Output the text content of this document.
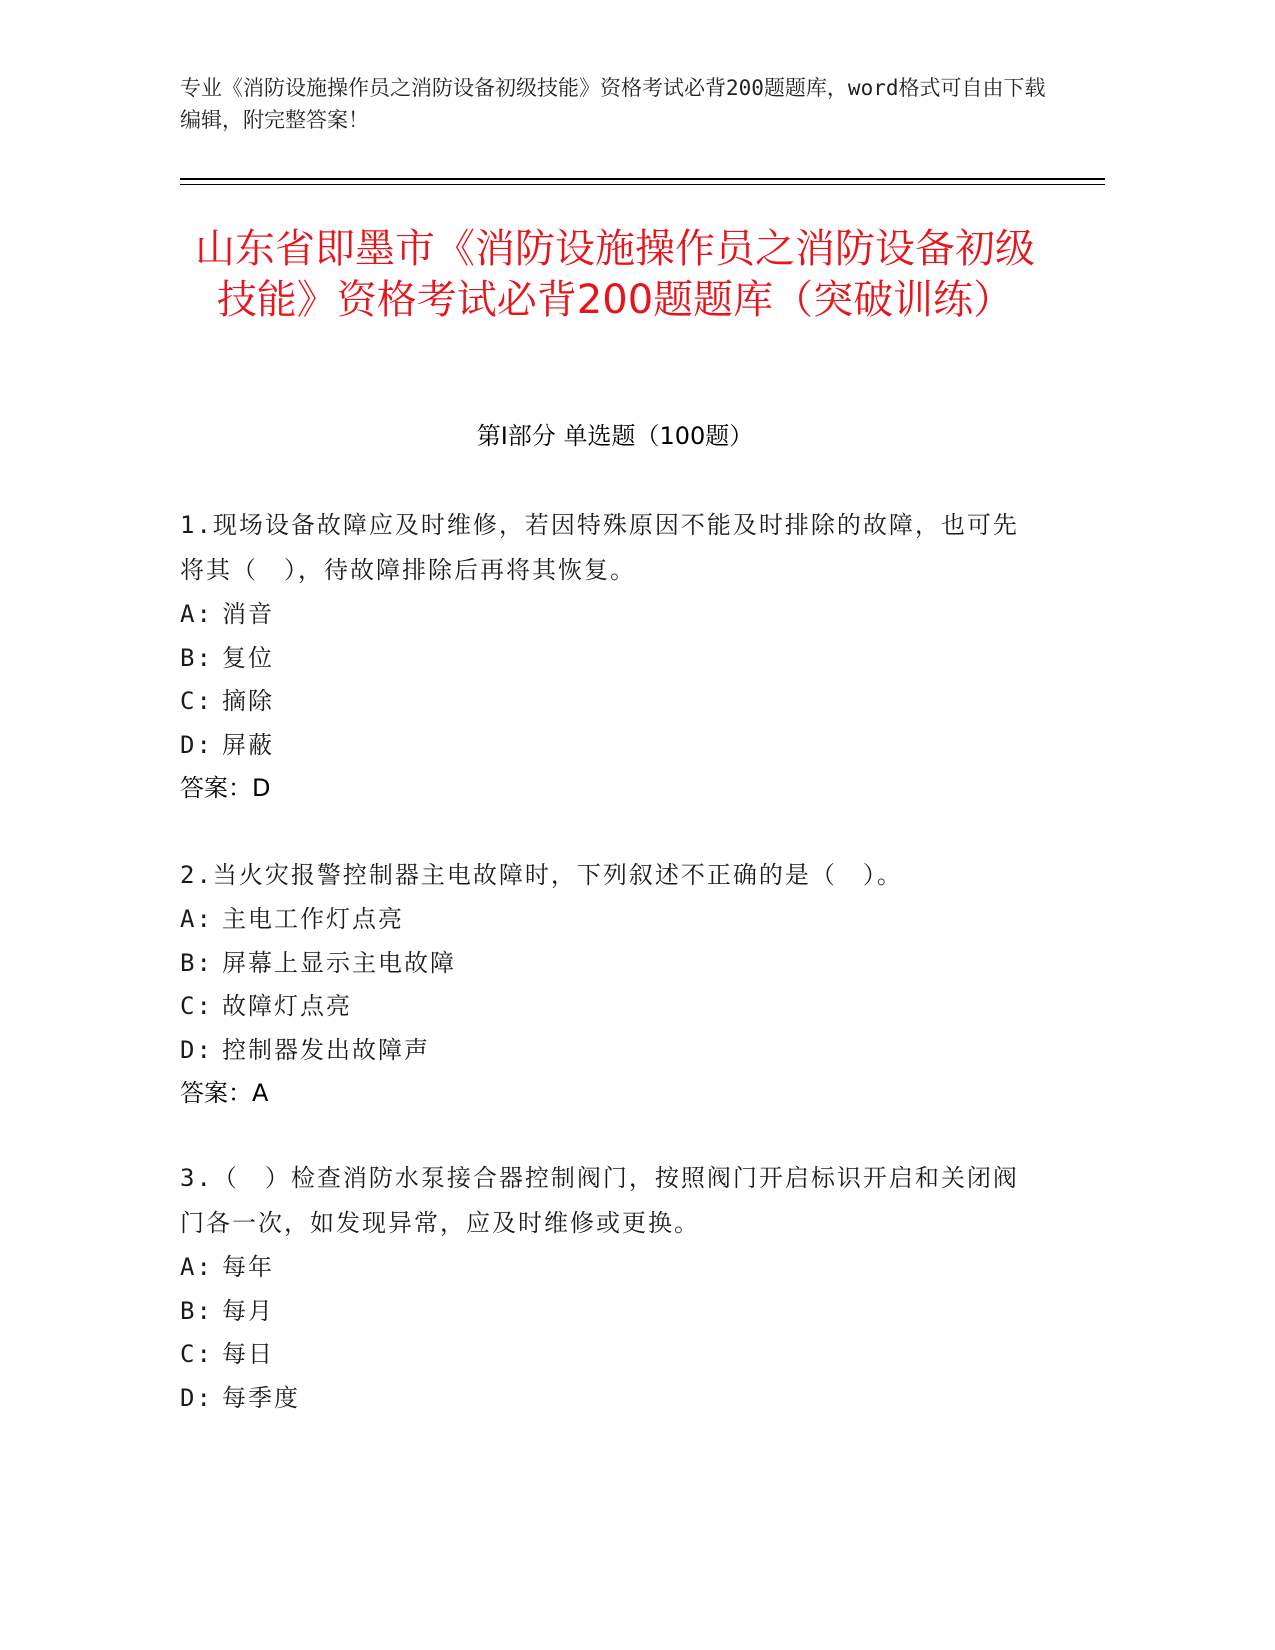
专业《消防设施操作员之消防设备初级技能》资格考试必背200题题库，word格式可自由下载编辑，附完整答案！
山东省即墨市《消防设施操作员之消防设备初级技能》资格考试必背200题题库（突破训练）
第Ⅰ部分 单选题（100题）
1.现场设备故障应及时维修，若因特殊原因不能及时排除的故障，也可先将其（　），待故障排除后再将其恢复。
A: 消音
B: 复位
C: 摘除
D: 屏蔽
答案：D
2.当火灾报警控制器主电故障时，下列叙述不正确的是（　）。
A: 主电工作灯点亮
B: 屏幕上显示主电故障
C: 故障灯点亮
D: 控制器发出故障声
答案：A
3.（　）检查消防水泵接合器控制阀门，按照阀门开启标识开启和关闭阀门各一次，如发现异常，应及时维修或更换。
A: 每年
B: 每月
C: 每日
D: 每季度
